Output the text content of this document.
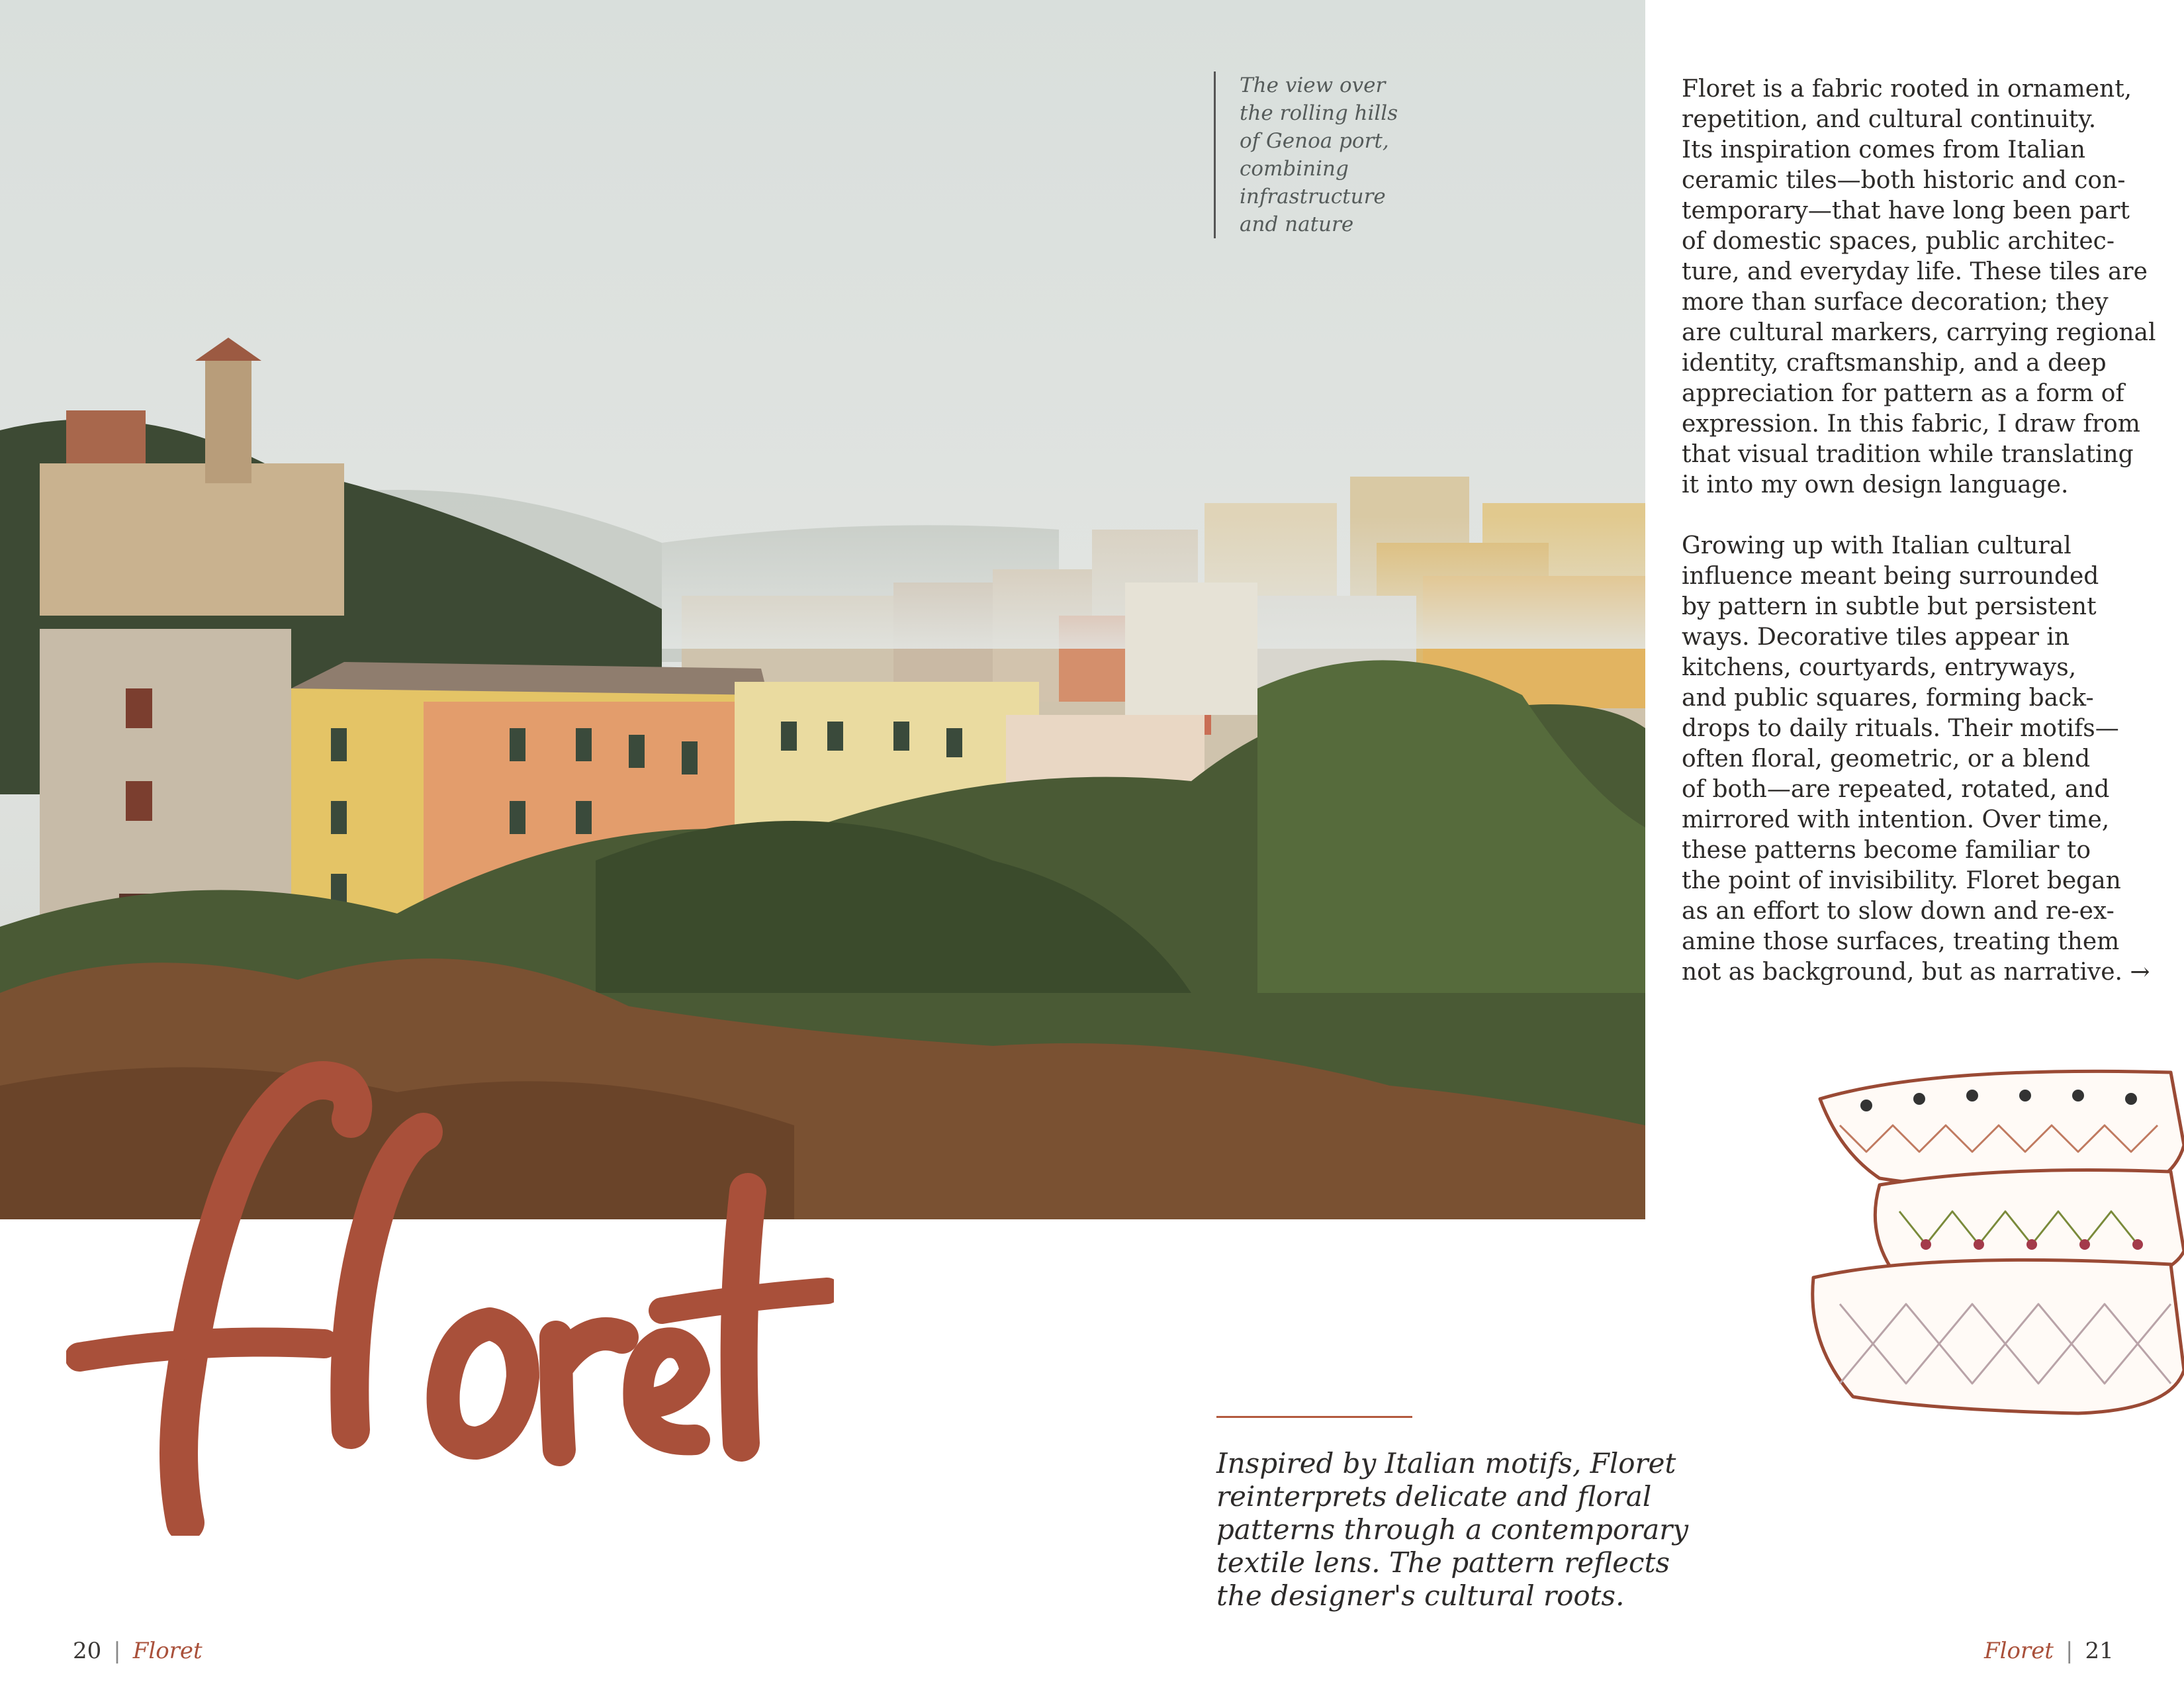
The view over
the rolling hills
of Genoa port,
combining
infrastructure
and nature

Floret is a fabric rooted in ornament,
repetition, and cultural continuity.
Its inspiration comes from Italian
ceramic tiles—both historic and con-
temporary—that have long been part
of domestic spaces, public architec-
ture, and everyday life. These tiles are
more than surface decoration; they
are cultural markers, carrying regional
identity, craftsmanship, and a deep
appreciation for pattern as a form of
expression. In this fabric, I draw from
that visual tradition while translating
it into my own design language.

Growing up with Italian cultural
influence meant being surrounded
by pattern in subtle but persistent
ways. Decorative tiles appear in
kitchens, courtyards, entryways,
and public squares, forming back-
drops to daily rituals. Their motifs—
often floral, geometric, or a blend
of both—are repeated, rotated, and
mirrored with intention. Over time,
these patterns become familiar to
the point of invisibility. Floret began
as an effort to slow down and re-ex-
amine those surfaces, treating them
not as background, but as narrative. →

Inspired by Italian motifs, Floret
reinterprets delicate and floral
patterns through a contemporary
textile lens. The pattern reflects
the designer's cultural roots.
20 | Floret	Floret | 21
